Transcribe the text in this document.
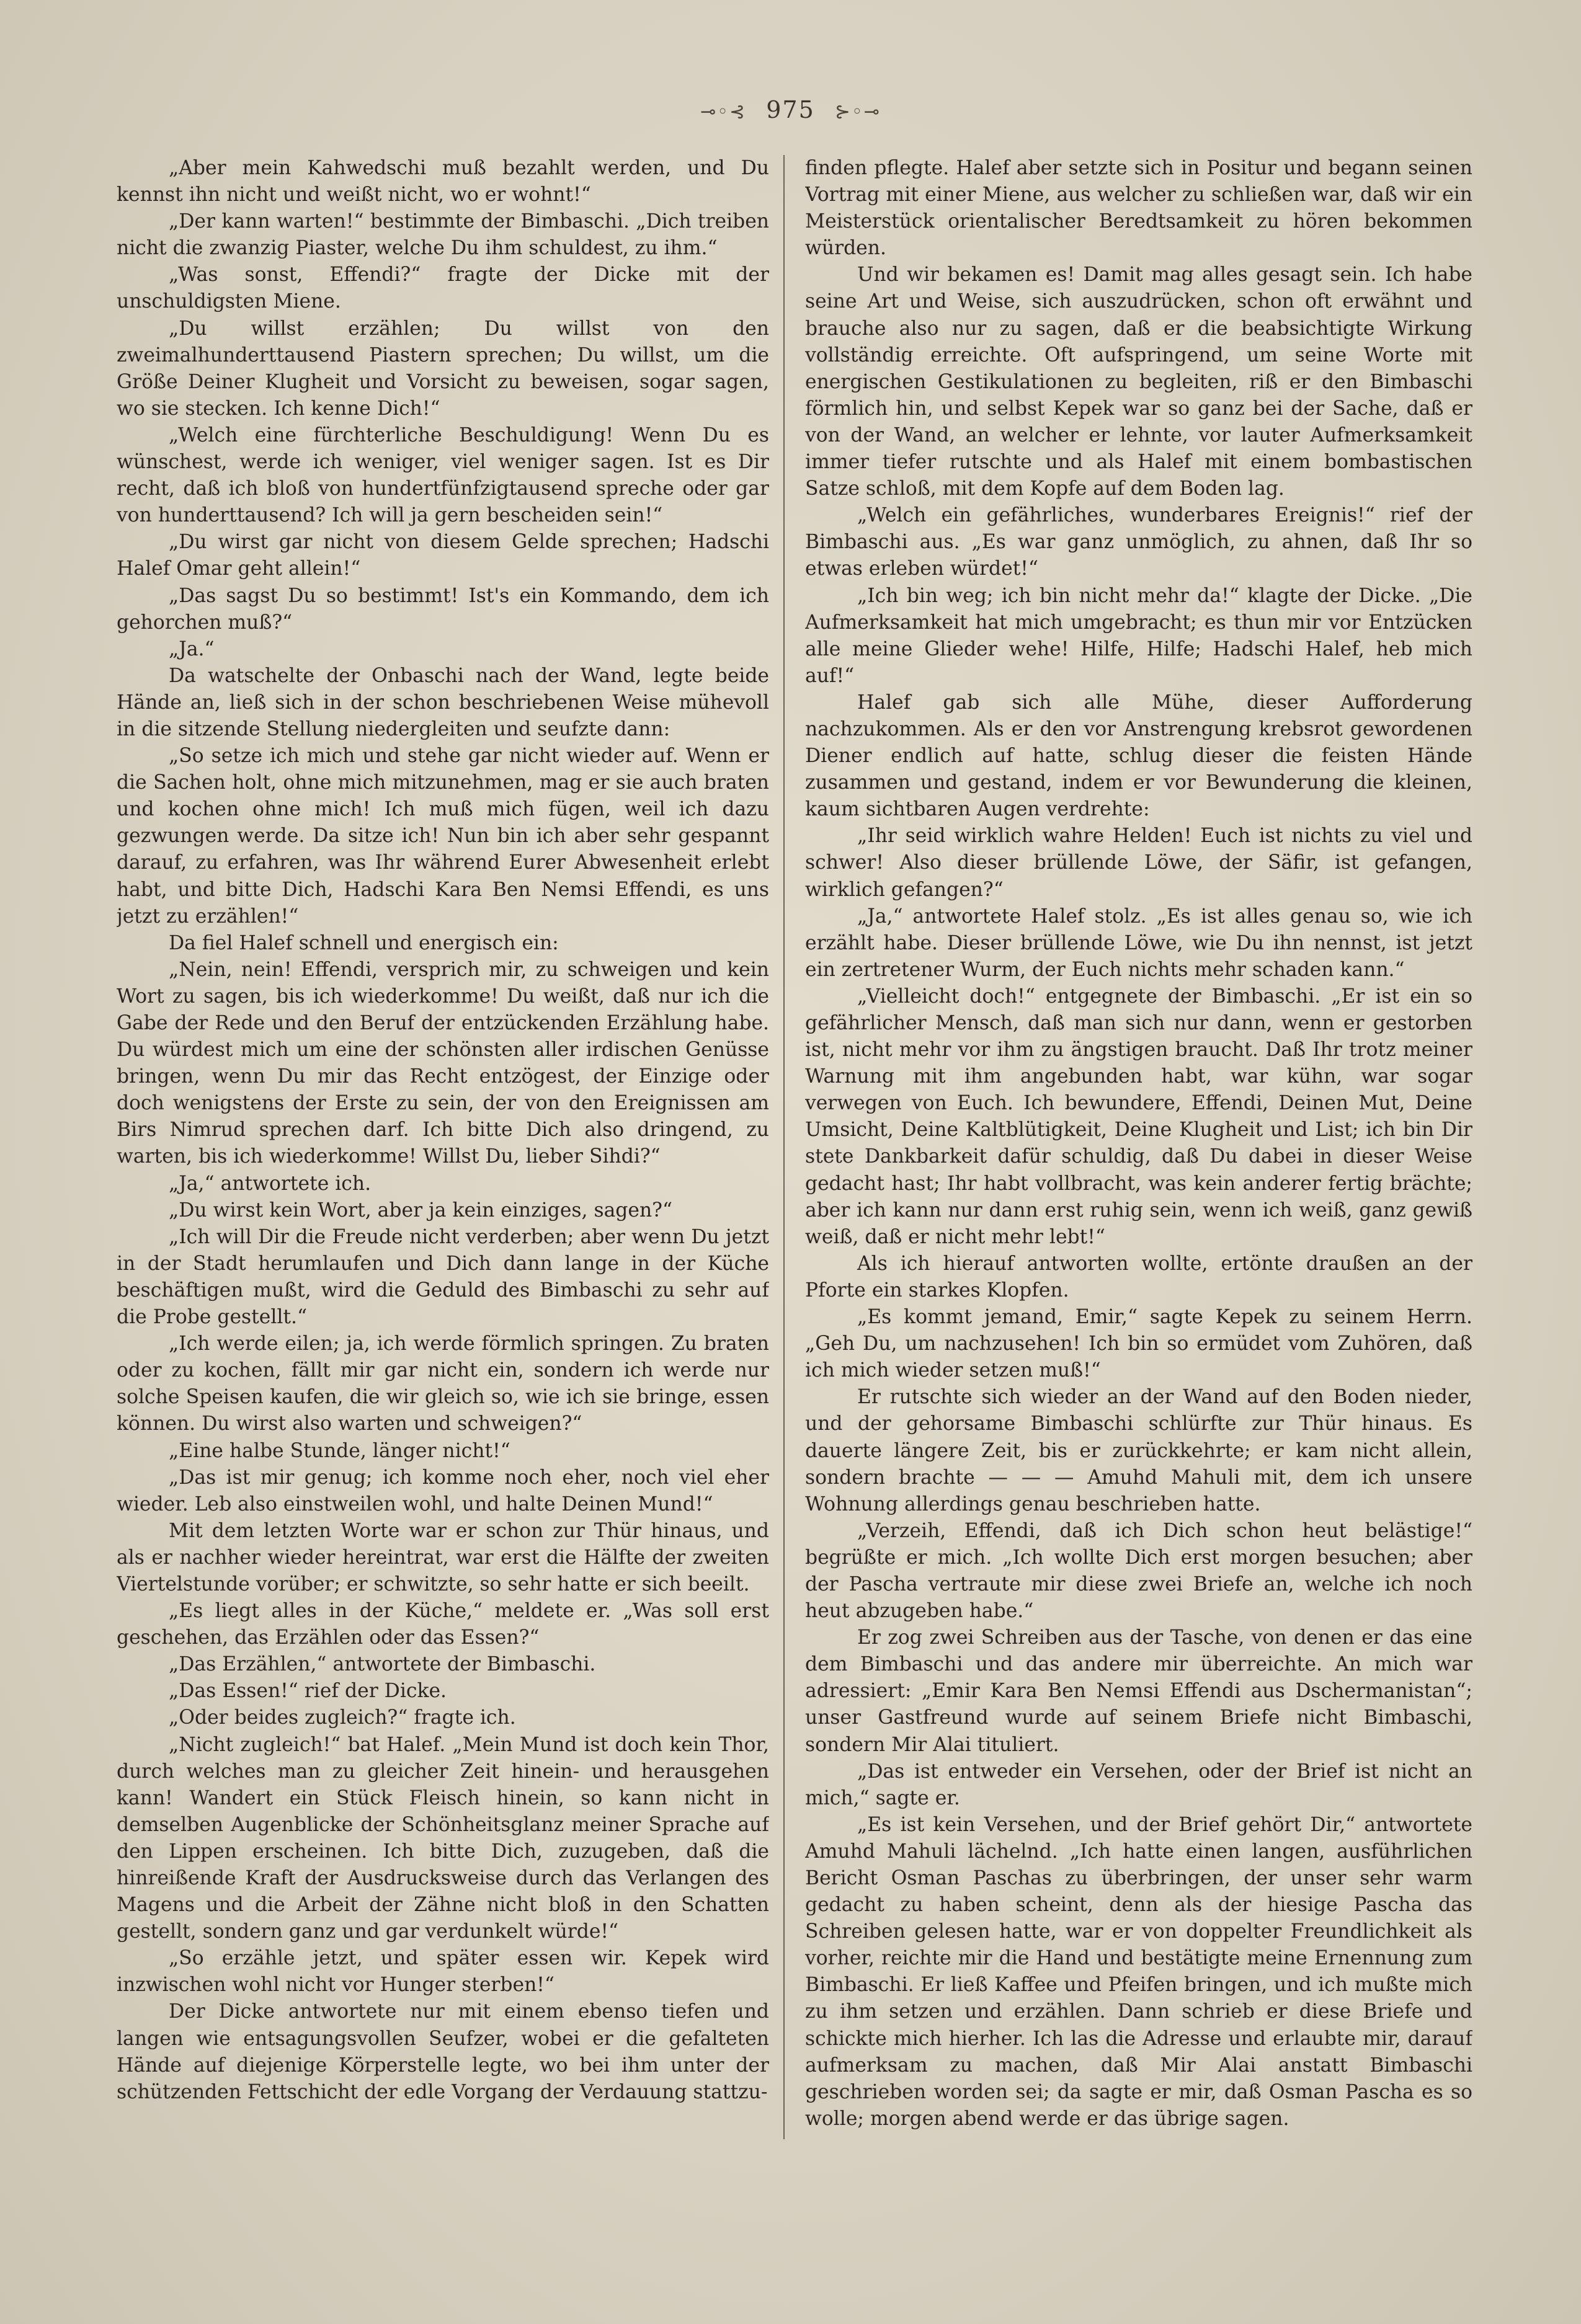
⊸◦⊰ 975 ⊱◦⊸

„Aber mein Kahwedschi muß bezahlt werden, und Du kennst ihn nicht und weißt nicht, wo er wohnt!“

„Der kann warten!“ bestimmte der Bimbaschi. „Dich treiben nicht die zwanzig Piaster, welche Du ihm schuldest, zu ihm.“

„Was sonst, Effendi?“ fragte der Dicke mit der unschuldigsten Miene.

„Du willst erzählen; Du willst von den zweimalhunderttausend Piastern sprechen; Du willst, um die Größe Deiner Klugheit und Vorsicht zu beweisen, sogar sagen, wo sie stecken. Ich kenne Dich!“

„Welch eine fürchterliche Beschuldigung! Wenn Du es wünschest, werde ich weniger, viel weniger sagen. Ist es Dir recht, daß ich bloß von hundertfünfzigtausend spreche oder gar von hunderttausend? Ich will ja gern bescheiden sein!“

„Du wirst gar nicht von diesem Gelde sprechen; Hadschi Halef Omar geht allein!“

„Das sagst Du so bestimmt! Ist's ein Kommando, dem ich gehorchen muß?“

„Ja.“

Da watschelte der Onbaschi nach der Wand, legte beide Hände an, ließ sich in der schon beschriebenen Weise mühevoll in die sitzende Stellung niedergleiten und seufzte dann:

„So setze ich mich und stehe gar nicht wieder auf. Wenn er die Sachen holt, ohne mich mitzunehmen, mag er sie auch braten und kochen ohne mich! Ich muß mich fügen, weil ich dazu gezwungen werde. Da sitze ich! Nun bin ich aber sehr gespannt darauf, zu erfahren, was Ihr während Eurer Abwesenheit erlebt habt, und bitte Dich, Hadschi Kara Ben Nemsi Effendi, es uns jetzt zu erzählen!“

Da fiel Halef schnell und energisch ein:

„Nein, nein! Effendi, versprich mir, zu schweigen und kein Wort zu sagen, bis ich wiederkomme! Du weißt, daß nur ich die Gabe der Rede und den Beruf der entzückenden Erzählung habe. Du würdest mich um eine der schönsten aller irdischen Genüsse bringen, wenn Du mir das Recht entzögest, der Einzige oder doch wenigstens der Erste zu sein, der von den Ereignissen am Birs Nimrud sprechen darf. Ich bitte Dich also dringend, zu warten, bis ich wiederkomme! Willst Du, lieber Sihdi?“

„Ja,“ antwortete ich.

„Du wirst kein Wort, aber ja kein einziges, sagen?“

„Ich will Dir die Freude nicht verderben; aber wenn Du jetzt in der Stadt herumlaufen und Dich dann lange in der Küche beschäftigen mußt, wird die Geduld des Bimbaschi zu sehr auf die Probe gestellt.“

„Ich werde eilen; ja, ich werde förmlich springen. Zu braten oder zu kochen, fällt mir gar nicht ein, sondern ich werde nur solche Speisen kaufen, die wir gleich so, wie ich sie bringe, essen können. Du wirst also warten und schweigen?“

„Eine halbe Stunde, länger nicht!“

„Das ist mir genug; ich komme noch eher, noch viel eher wieder. Leb also einstweilen wohl, und halte Deinen Mund!“

Mit dem letzten Worte war er schon zur Thür hinaus, und als er nachher wieder hereintrat, war erst die Hälfte der zweiten Viertelstunde vorüber; er schwitzte, so sehr hatte er sich beeilt.

„Es liegt alles in der Küche,“ meldete er. „Was soll erst geschehen, das Erzählen oder das Essen?“

„Das Erzählen,“ antwortete der Bimbaschi.

„Das Essen!“ rief der Dicke.

„Oder beides zugleich?“ fragte ich.

„Nicht zugleich!“ bat Halef. „Mein Mund ist doch kein Thor, durch welches man zu gleicher Zeit hinein- und herausgehen kann! Wandert ein Stück Fleisch hinein, so kann nicht in demselben Augenblicke der Schönheitsglanz meiner Sprache auf den Lippen erscheinen. Ich bitte Dich, zuzugeben, daß die hinreißende Kraft der Ausdrucksweise durch das Verlangen des Magens und die Arbeit der Zähne nicht bloß in den Schatten gestellt, sondern ganz und gar verdunkelt würde!“

„So erzähle jetzt, und später essen wir. Kepek wird inzwischen wohl nicht vor Hunger sterben!“

Der Dicke antwortete nur mit einem ebenso tiefen und langen wie entsagungsvollen Seufzer, wobei er die gefalteten Hände auf diejenige Körperstelle legte, wo bei ihm unter der schützenden Fettschicht der edle Vorgang der Verdauung stattzu-

finden pflegte. Halef aber setzte sich in Positur und begann seinen Vortrag mit einer Miene, aus welcher zu schließen war, daß wir ein Meisterstück orientalischer Beredtsamkeit zu hören bekommen würden.

Und wir bekamen es! Damit mag alles gesagt sein. Ich habe seine Art und Weise, sich auszudrücken, schon oft erwähnt und brauche also nur zu sagen, daß er die beabsichtigte Wirkung vollständig erreichte. Oft aufspringend, um seine Worte mit energischen Gestikulationen zu begleiten, riß er den Bimbaschi förmlich hin, und selbst Kepek war so ganz bei der Sache, daß er von der Wand, an welcher er lehnte, vor lauter Aufmerksamkeit immer tiefer rutschte und als Halef mit einem bombastischen Satze schloß, mit dem Kopfe auf dem Boden lag.

„Welch ein gefährliches, wunderbares Ereignis!“ rief der Bimbaschi aus. „Es war ganz unmöglich, zu ahnen, daß Ihr so etwas erleben würdet!“

„Ich bin weg; ich bin nicht mehr da!“ klagte der Dicke. „Die Aufmerksamkeit hat mich umgebracht; es thun mir vor Entzücken alle meine Glieder wehe! Hilfe, Hilfe; Hadschi Halef, heb mich auf!“

Halef gab sich alle Mühe, dieser Aufforderung nachzukommen. Als er den vor Anstrengung krebsrot gewordenen Diener endlich auf hatte, schlug dieser die feisten Hände zusammen und gestand, indem er vor Bewunderung die kleinen, kaum sichtbaren Augen verdrehte:

„Ihr seid wirklich wahre Helden! Euch ist nichts zu viel und schwer! Also dieser brüllende Löwe, der Säfir, ist gefangen, wirklich gefangen?“

„Ja,“ antwortete Halef stolz. „Es ist alles genau so, wie ich erzählt habe. Dieser brüllende Löwe, wie Du ihn nennst, ist jetzt ein zertretener Wurm, der Euch nichts mehr schaden kann.“

„Vielleicht doch!“ entgegnete der Bimbaschi. „Er ist ein so gefährlicher Mensch, daß man sich nur dann, wenn er gestorben ist, nicht mehr vor ihm zu ängstigen braucht. Daß Ihr trotz meiner Warnung mit ihm angebunden habt, war kühn, war sogar verwegen von Euch. Ich bewundere, Effendi, Deinen Mut, Deine Umsicht, Deine Kaltblütigkeit, Deine Klugheit und List; ich bin Dir stete Dankbarkeit dafür schuldig, daß Du dabei in dieser Weise gedacht hast; Ihr habt vollbracht, was kein anderer fertig brächte; aber ich kann nur dann erst ruhig sein, wenn ich weiß, ganz gewiß weiß, daß er nicht mehr lebt!“

Als ich hierauf antworten wollte, ertönte draußen an der Pforte ein starkes Klopfen.

„Es kommt jemand, Emir,“ sagte Kepek zu seinem Herrn. „Geh Du, um nachzusehen! Ich bin so ermüdet vom Zuhören, daß ich mich wieder setzen muß!“

Er rutschte sich wieder an der Wand auf den Boden nieder, und der gehorsame Bimbaschi schlürfte zur Thür hinaus. Es dauerte längere Zeit, bis er zurückkehrte; er kam nicht allein, sondern brachte — — — Amuhd Mahuli mit, dem ich unsere Wohnung allerdings genau beschrieben hatte.

„Verzeih, Effendi, daß ich Dich schon heut belästige!“ begrüßte er mich. „Ich wollte Dich erst morgen besuchen; aber der Pascha vertraute mir diese zwei Briefe an, welche ich noch heut abzugeben habe.“

Er zog zwei Schreiben aus der Tasche, von denen er das eine dem Bimbaschi und das andere mir überreichte. An mich war adressiert: „Emir Kara Ben Nemsi Effendi aus Dschermanistan“; unser Gastfreund wurde auf seinem Briefe nicht Bimbaschi, sondern Mir Alai tituliert.

„Das ist entweder ein Versehen, oder der Brief ist nicht an mich,“ sagte er.

„Es ist kein Versehen, und der Brief gehört Dir,“ antwortete Amuhd Mahuli lächelnd. „Ich hatte einen langen, ausführlichen Bericht Osman Paschas zu überbringen, der unser sehr warm gedacht zu haben scheint, denn als der hiesige Pascha das Schreiben gelesen hatte, war er von doppelter Freundlichkeit als vorher, reichte mir die Hand und bestätigte meine Ernennung zum Bimbaschi. Er ließ Kaffee und Pfeifen bringen, und ich mußte mich zu ihm setzen und erzählen. Dann schrieb er diese Briefe und schickte mich hierher. Ich las die Adresse und erlaubte mir, darauf aufmerksam zu machen, daß Mir Alai anstatt Bimbaschi geschrieben worden sei; da sagte er mir, daß Osman Pascha es so wolle; morgen abend werde er das übrige sagen.
